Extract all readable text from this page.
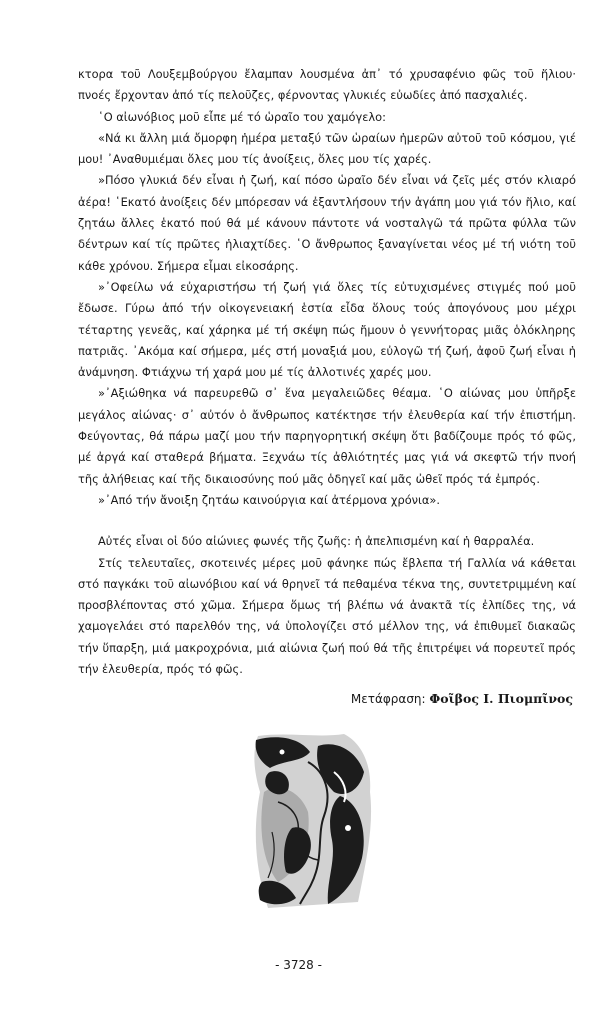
κτορα τοῦ Λουξεμβούργου ἔλαμπαν λουσμένα ἀπ᾽ τό χρυσαφένιο φῶς τοῦ ἥλιου· πνοές ἔρχονταν ἀπό τίς πελοῦζες, φέρνοντας γλυκιές εὐωδίες ἀπό πασχαλιές.

῾Ο αἰωνόβιος μοῦ εἶπε μέ τό ὡραῖο του χαμόγελο:

«Νά κι ἄλλη μιά ὄμορφη ἡμέρα μεταξύ τῶν ὡραίων ἡμερῶν αὐτοῦ τοῦ κόσμου, γιέ μου! ᾿Αναθυμιέμαι ὅλες μου τίς ἀνοίξεις, ὅλες μου τίς χαρές.

»Πόσο γλυκιά δέν εἶναι ἡ ζωή, καί πόσο ὡραῖο δέν εἶναι νά ζεῖς μές στόν κλιαρό ἀέρα! ῾Εκατό ἀνοίξεις δέν μπόρεσαν νά ἐξαντλήσουν τήν ἀγάπη μου γιά τόν ἥλιο, καί ζητάω ἄλλες ἑκατό πού θά μέ κάνουν πάντοτε νά νοσταλγῶ τά πρῶτα φύλλα τῶν δέντρων καί τίς πρῶτες ἡλιαχτίδες. ῾Ο ἄνθρωπος ξαναγίνεται νέος μέ τή νιότη τοῦ κάθε χρόνου. Σήμερα εἶμαι εἰκοσάρης.

»᾿Οφείλω νά εὐχαριστήσω τή ζωή γιά ὅλες τίς εὐτυχισμένες στιγμές πού μοῦ ἔδωσε. Γύρω ἀπό τήν οἰκογενειακή ἑστία εἶδα ὅλους τούς ἀπογόνους μου μέχρι τέταρτης γενεᾶς, καί χάρηκα μέ τή σκέψη πώς ἤμουν ὁ γεννήτορας μιᾶς ὁλόκληρης πατριᾶς. ᾿Ακόμα καί σήμερα, μές στή μοναξιά μου, εὐλογῶ τή ζωή, ἀφοῦ ζωή εἶναι ἡ ἀνάμνηση. Φτιάχνω τή χαρά μου μέ τίς ἀλλοτινές χαρές μου.

»᾿Αξιώθηκα νά παρευρεθῶ σ᾽ ἕνα μεγαλειῶδες θέαμα. ῾Ο αἰώνας μου ὑπῆρξε μεγάλος αἰώνας· σ᾽ αὐτόν ὁ ἄνθρωπος κατέκτησε τήν ἐλευθερία καί τήν ἐπιστήμη. Φεύγοντας, θά πάρω μαζί μου τήν παρηγορητική σκέψη ὅτι βαδίζουμε πρός τό φῶς, μέ ἀργά καί σταθερά βήματα. Ξεχνάω τίς ἀθλιότητές μας γιά νά σκεφτῶ τήν πνοή τῆς ἀλήθειας καί τῆς δικαιοσύνης πού μᾶς ὁδηγεῖ καί μᾶς ὠθεῖ πρός τά ἐμπρός.

»᾿Από τήν ἄνοιξη ζητάω καινούργια καί ἀτέρμονα χρόνια».

Αὐτές εἶναι οἱ δύο αἰώνιες φωνές τῆς ζωῆς: ἡ ἀπελπισμένη καί ἡ θαρραλέα.

Στίς τελευταῖες, σκοτεινές μέρες μοῦ φάνηκε πώς ἔβλεπα τή Γαλλία νά κάθεται στό παγκάκι τοῦ αἰωνόβιου καί νά θρηνεῖ τά πεθαμένα τέκνα της, συντετριμμένη καί προσβλέποντας στό χῶμα. Σήμερα ὅμως τή βλέπω νά ἀνακτᾶ τίς ἐλπίδες της, νά χαμογελάει στό παρελθόν της, νά ὑπολογίζει στό μέλλον της, νά ἐπιθυμεῖ διακαῶς τήν ὕπαρξη, μιά μακροχρόνια, μιά αἰώνια ζωή πού θά τῆς ἐπιτρέψει νά πορευτεῖ πρός τήν ἐλευθερία, πρός τό φῶς.

Μετάφραση: Φοῖβος Ι. Πιομπῖνος
- 3728 -
